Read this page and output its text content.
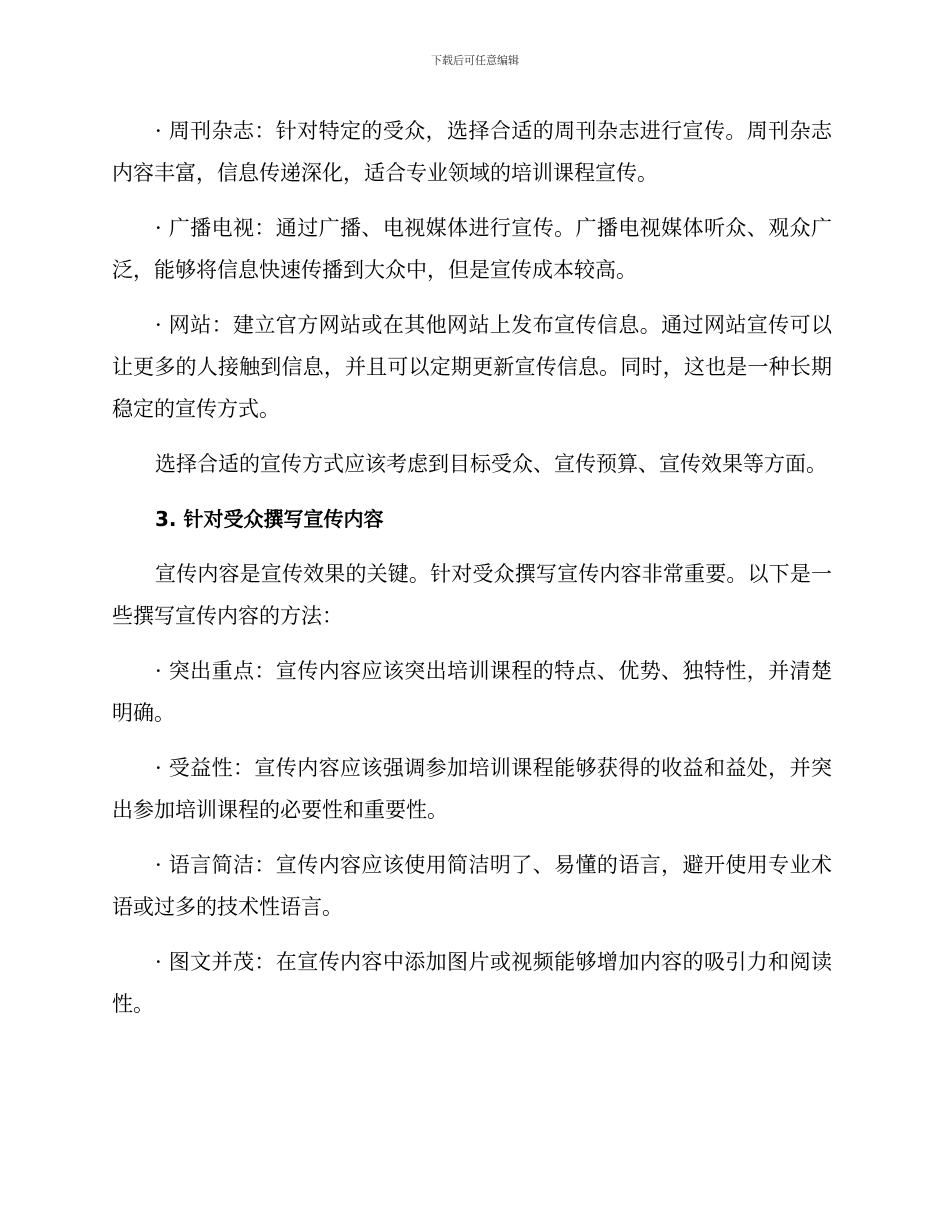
下载后可任意编辑

· 周刊杂志：针对特定的受众，选择合适的周刊杂志进行宣传。周刊杂志内容丰富，信息传递深化，适合专业领域的培训课程宣传。

· 广播电视：通过广播、电视媒体进行宣传。广播电视媒体听众、观众广泛，能够将信息快速传播到大众中，但是宣传成本较高。

· 网站：建立官方网站或在其他网站上发布宣传信息。通过网站宣传可以让更多的人接触到信息，并且可以定期更新宣传信息。同时，这也是一种长期稳定的宣传方式。

选择合适的宣传方式应该考虑到目标受众、宣传预算、宣传效果等方面。

3. 针对受众撰写宣传内容

宣传内容是宣传效果的关键。针对受众撰写宣传内容非常重要。以下是一些撰写宣传内容的方法：

· 突出重点：宣传内容应该突出培训课程的特点、优势、独特性，并清楚明确。

· 受益性：宣传内容应该强调参加培训课程能够获得的收益和益处，并突出参加培训课程的必要性和重要性。

· 语言简洁：宣传内容应该使用简洁明了、易懂的语言，避开使用专业术语或过多的技术性语言。

· 图文并茂：在宣传内容中添加图片或视频能够增加内容的吸引力和阅读性。
